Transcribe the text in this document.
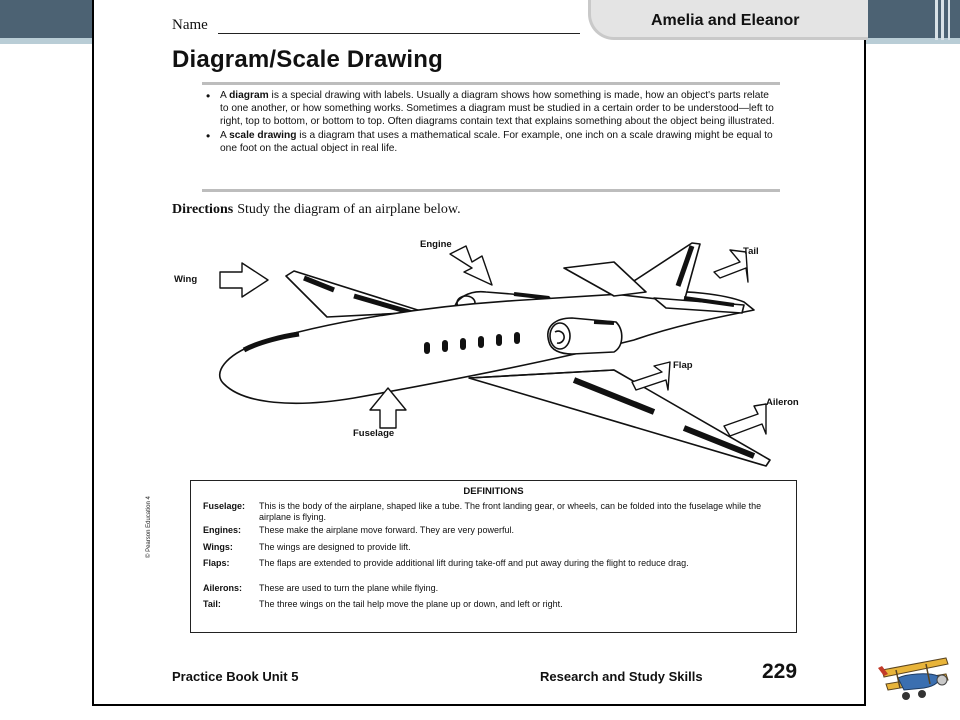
Name	Amelia and Eleanor
Diagram/Scale Drawing
• A diagram is a special drawing with labels. Usually a diagram shows how something is made, how an object's parts relate to one another, or how something works. Sometimes a diagram must be studied in a certain order to be understood—left to right, top to bottom, or bottom to top. Often diagrams contain text that explains something about the object being illustrated.
• A scale drawing is a diagram that uses a mathematical scale. For example, one inch on a scale drawing might be equal to one foot on the actual object in real life.
Directions Study the diagram of an airplane below.
Wing
Engine
Tail
Flap
Aileron
Fuselage
DEFINITIONS
Fuselage:	This is the body of the airplane, shaped like a tube. The front landing gear, or wheels, can be folded into the fuselage while the airplane is flying.
Engines:	These make the airplane move forward. They are very powerful.
Wings:	The wings are designed to provide lift.
Flaps:	The flaps are extended to provide additional lift during take-off and put away during the flight to reduce drag.
Ailerons:	These are used to turn the plane while flying.
Tail:	The three wings on the tail help move the plane up or down, and left or right.
© Pearson Education 4
Practice Book Unit 5	Research and Study Skills	229
